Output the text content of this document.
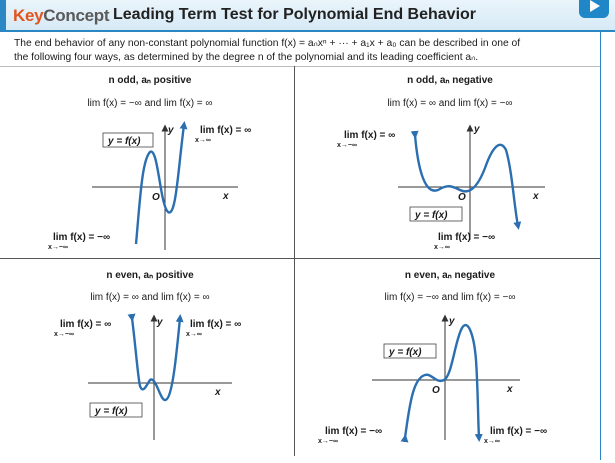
KeyConcept Leading Term Test for Polynomial End Behavior
The end behavior of any non-constant polynomial function f(x) = aₙxⁿ + ··· + a₁x + a₀ can be described in one of
the following four ways, as determined by the degree n of the polynomial and its leading coefficient aₙ.
n odd, aₙ positive
lim f(x) = −∞ and lim f(x) = ∞
n odd, aₙ negative
lim f(x) = ∞ and lim f(x) = −∞
n even, aₙ positive
lim f(x) = ∞ and lim f(x) = ∞
n even, aₙ negative
lim f(x) = −∞ and lim f(x) = −∞
O	x
y
y = f(x)
lim f(x) = ∞
x→∞
lim f(x) = −∞
x→−∞
O	x
y
y = f(x)
lim f(x) = ∞
x→−∞
lim f(x) = −∞
x→∞
x
y
y = f(x)
lim f(x) = ∞
x→−∞
lim f(x) = ∞
x→∞
O	x
y
y = f(x)
lim f(x) = −∞
x→−∞
lim f(x) = −∞
x→∞
